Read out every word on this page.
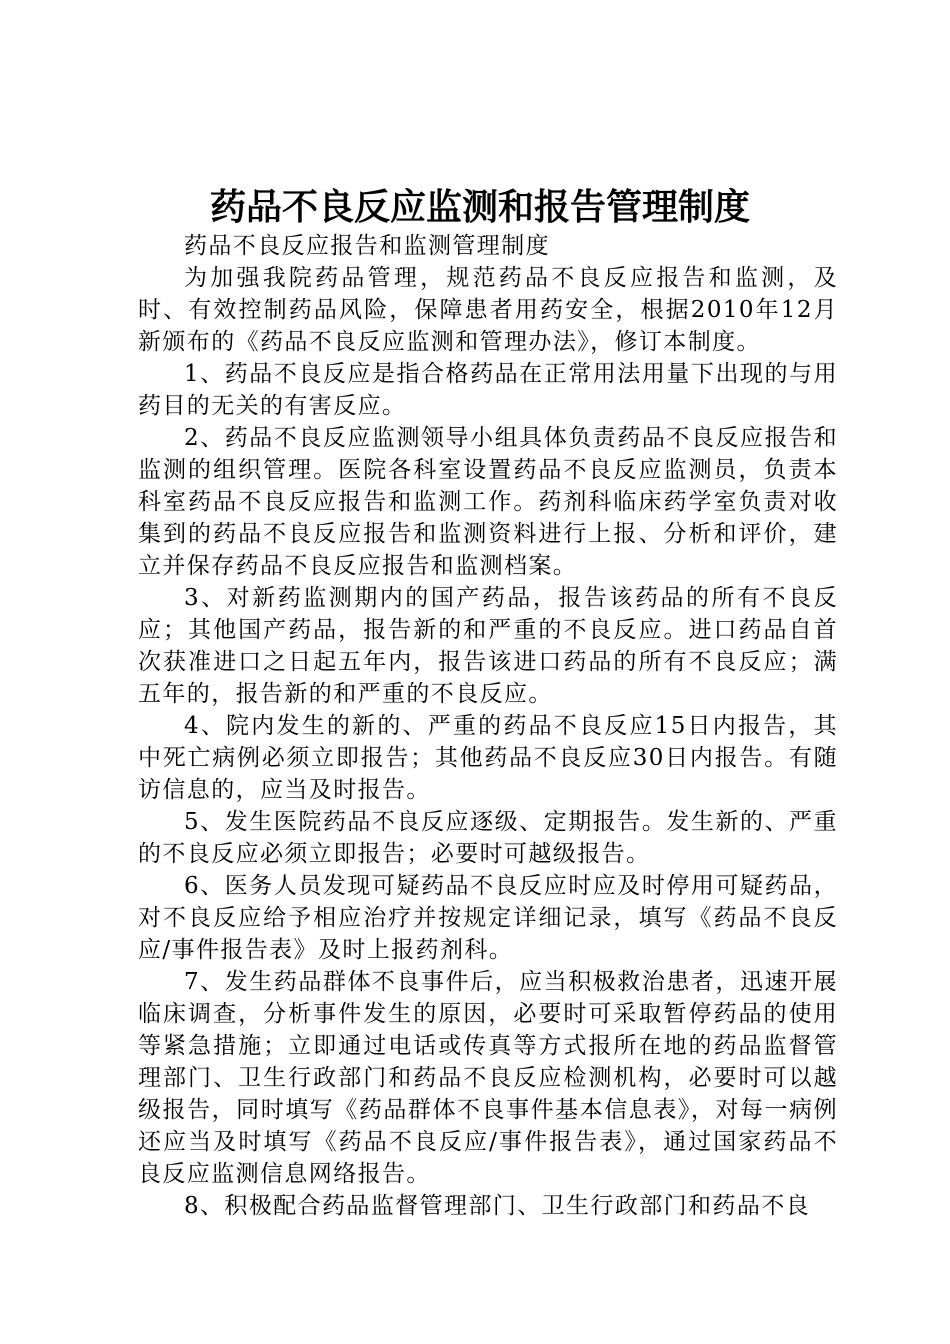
药品不良反应监测和报告管理制度

药品不良反应报告和监测管理制度

为加强我院药品管理，规范药品不良反应报告和监测，及时、有效控制药品风险，保障患者用药安全，根据2010年12月新颁布的《药品不良反应监测和管理办法》，修订本制度。

1、药品不良反应是指合格药品在正常用法用量下出现的与用药目的无关的有害反应。

2、药品不良反应监测领导小组具体负责药品不良反应报告和监测的组织管理。医院各科室设置药品不良反应监测员，负责本科室药品不良反应报告和监测工作。药剂科临床药学室负责对收集到的药品不良反应报告和监测资料进行上报、分析和评价，建立并保存药品不良反应报告和监测档案。

3、对新药监测期内的国产药品，报告该药品的所有不良反应；其他国产药品，报告新的和严重的不良反应。进口药品自首次获准进口之日起五年内，报告该进口药品的所有不良反应；满五年的，报告新的和严重的不良反应。

4、院内发生的新的、严重的药品不良反应15日内报告，其中死亡病例必须立即报告；其他药品不良反应30日内报告。有随访信息的，应当及时报告。

5、发生医院药品不良反应逐级、定期报告。发生新的、严重的不良反应必须立即报告；必要时可越级报告。

6、医务人员发现可疑药品不良反应时应及时停用可疑药品，对不良反应给予相应治疗并按规定详细记录，填写《药品不良反应/事件报告表》及时上报药剂科。

7、发生药品群体不良事件后，应当积极救治患者，迅速开展临床调查，分析事件发生的原因，必要时可采取暂停药品的使用等紧急措施；立即通过电话或传真等方式报所在地的药品监督管理部门、卫生行政部门和药品不良反应检测机构，必要时可以越级报告，同时填写《药品群体不良事件基本信息表》，对每一病例还应当及时填写《药品不良反应/事件报告表》，通过国家药品不良反应监测信息网络报告。

8、积极配合药品监督管理部门、卫生行政部门和药品不良
